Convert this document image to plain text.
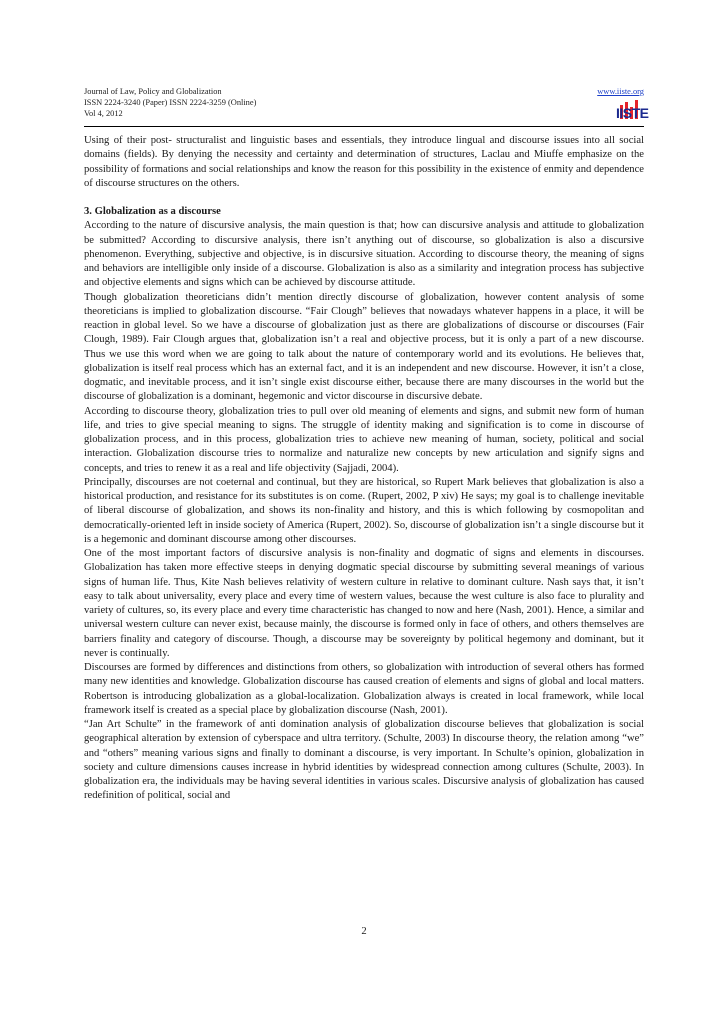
Journal of Law, Policy and Globalization
ISSN 2224-3240 (Paper) ISSN 2224-3259 (Online)
Vol 4, 2012
www.iiste.org
IISTE

Using of their post- structuralist and linguistic bases and essentials, they introduce lingual and discourse issues into all social domains (fields). By denying the necessity and certainty and determination of structures, Laclau and Miuffe emphasize on the possibility of formations and social relationships and know the reason for this possibility in the existence of enmity and dependence of discourse structures on the others.

3. Globalization as a discourse

According to the nature of discursive analysis, the main question is that; how can discursive analysis and attitude to globalization be submitted? According to discursive analysis, there isn’t anything out of discourse, so globalization is also a discursive phenomenon. Everything, subjective and objective, is in discursive situation. According to discourse theory, the meaning of signs and behaviors are intelligible only inside of a discourse. Globalization is also as a similarity and integration process has subjective and objective elements and signs which can be achieved by discourse attitude.

Though globalization theoreticians didn’t mention directly discourse of globalization, however content analysis of some theoreticians is implied to globalization discourse. “Fair Clough” believes that nowadays whatever happens in a place, it will be reaction in global level. So we have a discourse of globalization just as there are globalizations of discourse or discourses (Fair Clough, 1989). Fair Clough argues that, globalization isn’t a real and objective process, but it is only a part of a new discourse. Thus we use this word when we are going to talk about the nature of contemporary world and its evolutions. He believes that, globalization is itself real process which has an external fact, and it is an independent and new discourse. However, it isn’t a close, dogmatic, and inevitable process, and it isn’t single exist discourse either, because there are many discourses in the world but the discourse of globalization is a dominant, hegemonic and victor discourse in discursive debate.

According to discourse theory, globalization tries to pull over old meaning of elements and signs, and submit new form of human life, and tries to give special meaning to signs. The struggle of identity making and signification is to come in discourse of globalization process, and in this process, globalization tries to achieve new meaning of human, society, political and social interaction. Globalization discourse tries to normalize and naturalize new concepts by new articulation and signify signs and concepts, and tries to renew it as a real and life objectivity (Sajjadi, 2004).

Principally, discourses are not coeternal and continual, but they are historical, so Rupert Mark believes that globalization is also a historical production, and resistance for its substitutes is on come. (Rupert, 2002, P xiv) He says; my goal is to challenge inevitable of liberal discourse of globalization, and shows its non-finality and history, and this is which following by cosmopolitan and democratically-oriented left in inside society of America (Rupert, 2002). So, discourse of globalization isn’t a single discourse but it is a hegemonic and dominant discourse among other discourses.

One of the most important factors of discursive analysis is non-finality and dogmatic of signs and elements in discourses. Globalization has taken more effective steeps in denying dogmatic special discourse by submitting several meanings of various signs of human life. Thus, Kite Nash believes relativity of western culture in relative to dominant culture. Nash says that, it isn’t easy to talk about universality, every place and every time of western values, because the west culture is also face to plurality and variety of cultures, so, its every place and every time characteristic has changed to now and here (Nash, 2001). Hence, a similar and universal western culture can never exist, because mainly, the discourse is formed only in face of others, and others themselves are barriers finality and category of discourse. Though, a discourse may be sovereignty by political hegemony and dominant, but it never is continually.

Discourses are formed by differences and distinctions from others, so globalization with introduction of several others has formed many new identities and knowledge. Globalization discourse has caused creation of elements and signs of global and local matters. Robertson is introducing globalization as a global-localization. Globalization always is created in local framework, while local framework itself is created as a special place by globalization discourse (Nash, 2001).

“Jan Art Schulte” in the framework of anti domination analysis of globalization discourse believes that globalization is social geographical alteration by extension of cyberspace and ultra territory. (Schulte, 2003) In discourse theory, the relation among “we” and “others” meaning various signs and finally to dominant a discourse, is very important. In Schulte’s opinion, globalization in society and culture dimensions causes increase in hybrid identities by widespread connection among cultures (Schulte, 2003). In globalization era, the individuals may be having several identities in various scales. Discursive analysis of globalization has caused redefinition of political, social and

2
